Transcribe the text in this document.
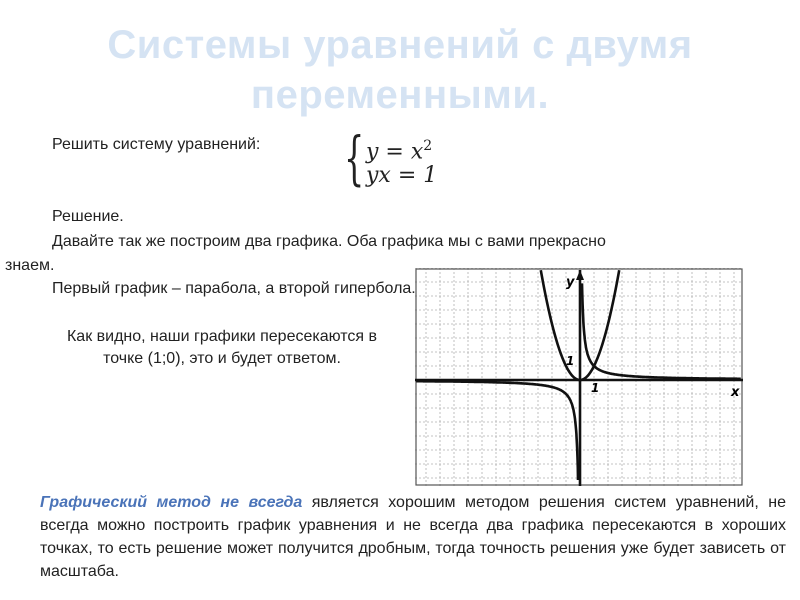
Системы уравнений с двумя
переменными.
Решить систему уравнений: { $y = x^2$
yx = 1
Решение.
Давайте так же построим два графика. Оба графика мы с вами прекрасно
знаем.
Первый график – парабола, а второй гипербола.
Как видно, наши графики пересекаются в точке (1;0), это и будет ответом.
x
y
1
1
Графический метод не всегда является хорошим методом решения систем уравнений, не всегда можно построить график уравнения и не всегда два графика пересекаются в хороших точках, то есть решение может получится дробным, тогда точность решения уже будет зависеть от масштаба.
